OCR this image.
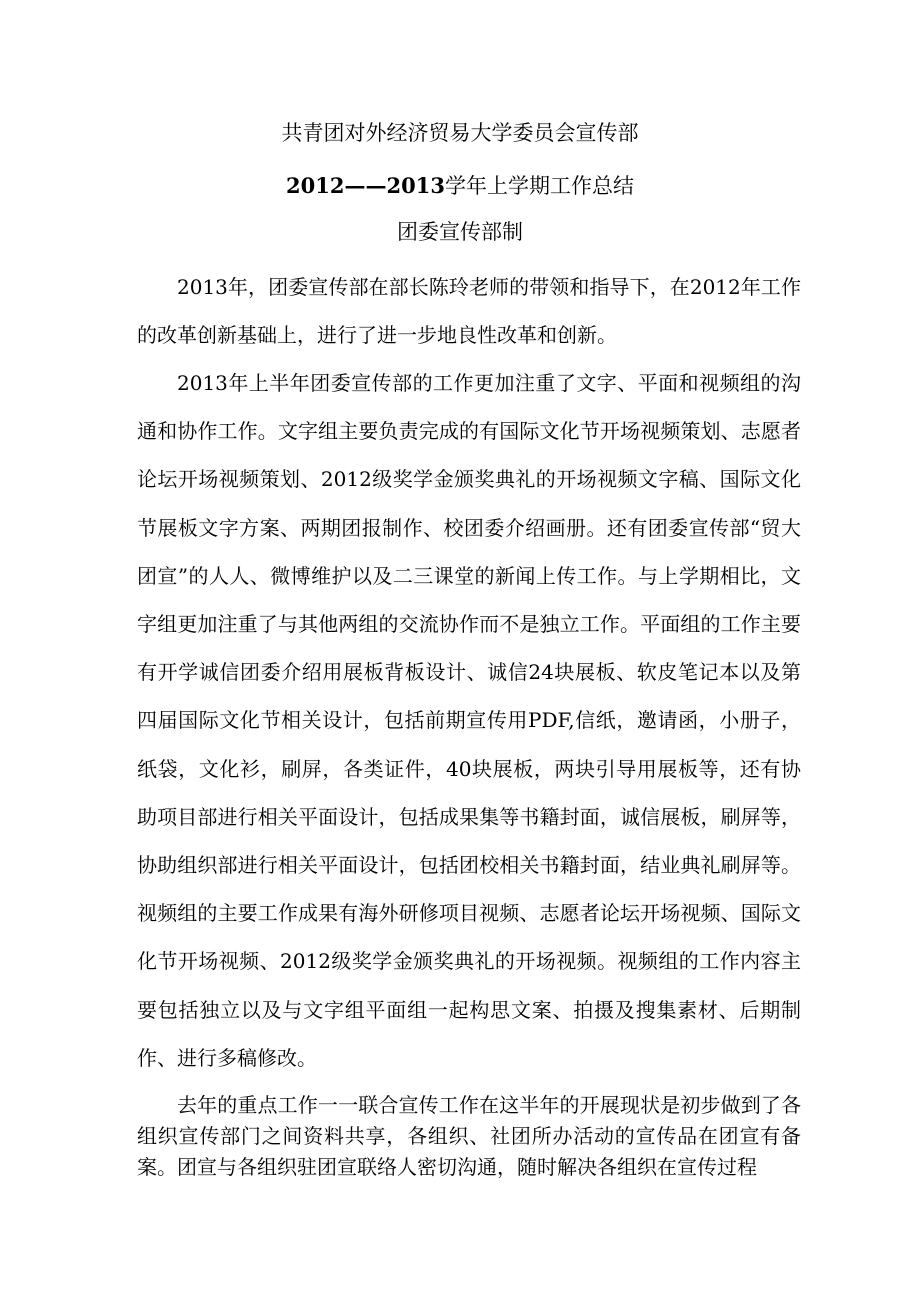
共青团对外经济贸易大学委员会宣传部
2012——2013学年上学期工作总结
团委宣传部制

2013年，团委宣传部在部长陈玲老师的带领和指导下，在2012年工作的改革创新基础上，进行了进一步地良性改革和创新。

2013年上半年团委宣传部的工作更加注重了文字、平面和视频组的沟通和协作工作。文字组主要负责完成的有国际文化节开场视频策划、志愿者论坛开场视频策划、2012级奖学金颁奖典礼的开场视频文字稿、国际文化节展板文字方案、两期团报制作、校团委介绍画册。还有团委宣传部“贸大团宣”的人人、微博维护以及二三课堂的新闻上传工作。与上学期相比，文字组更加注重了与其他两组的交流协作而不是独立工作。平面组的工作主要有开学诚信团委介绍用展板背板设计、诚信24块展板、软皮笔记本以及第四届国际文化节相关设计，包括前期宣传用PDF,信纸，邀请函，小册子，纸袋，文化衫，刷屏，各类证件，40块展板，两块引导用展板等，还有协助项目部进行相关平面设计，包括成果集等书籍封面，诚信展板，刷屏等，协助组织部进行相关平面设计，包括团校相关书籍封面，结业典礼刷屏等。视频组的主要工作成果有海外研修项目视频、志愿者论坛开场视频、国际文化节开场视频、2012级奖学金颁奖典礼的开场视频。视频组的工作内容主要包括独立以及与文字组平面组一起构思文案、拍摄及搜集素材、后期制作、进行多稿修改。

去年的重点工作一一联合宣传工作在这半年的开展现状是初步做到了各组织宣传部门之间资料共享，各组织、社团所办活动的宣传品在团宣有备案。团宣与各组织驻团宣联络人密切沟通，随时解决各组织在宣传过程
